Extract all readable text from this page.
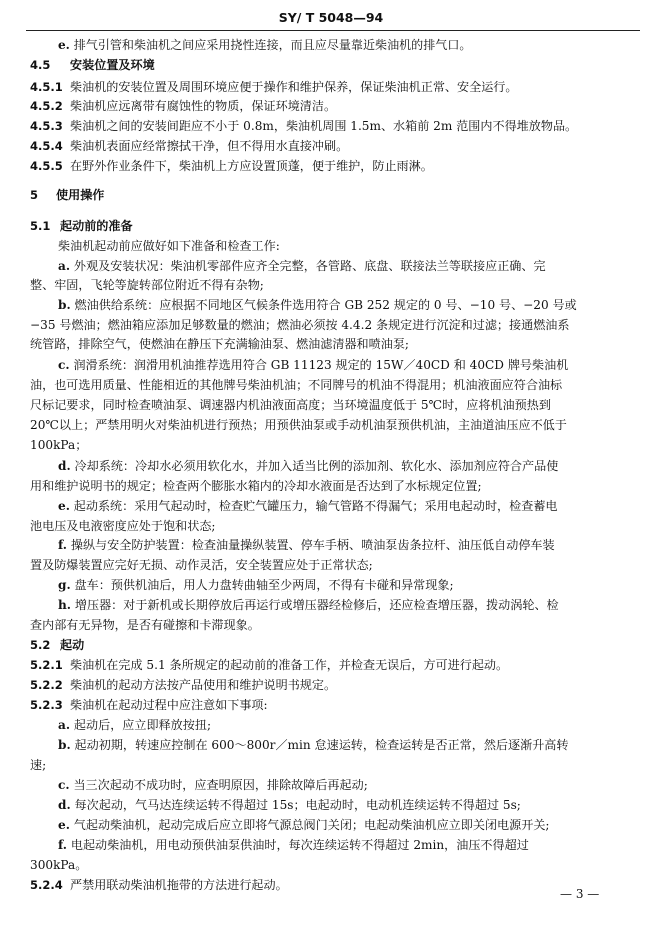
SY/ T 5048—94
e. 排气引管和柴油机之间应采用挠性连接，而且应尽量靠近柴油机的排气口。
4.5 安装位置及环境
4.5.1 柴油机的安装位置及周围环境应便于操作和维护保养，保证柴油机正常、安全运行。
4.5.2 柴油机应远离带有腐蚀性的物质，保证环境清洁。
4.5.3 柴油机之间的安装间距应不小于 0.8m，柴油机周围 1.5m、水箱前 2m 范围内不得堆放物品。
4.5.4 柴油机表面应经常擦拭干净，但不得用水直接冲刷。
4.5.5 在野外作业条件下，柴油机上方应设置顶蓬，便于维护，防止雨淋。
5 使用操作
5.1 起动前的准备
柴油机起动前应做好如下准备和检查工作:
a. 外观及安装状况：柴油机零部件应齐全完整，各管路、底盘、联接法兰等联接应正确、完
整、牢固，飞轮等旋转部位附近不得有杂物;
b. 燃油供给系统：应根据不同地区气候条件选用符合 GB 252 规定的 0 号、−10 号、−20 号或
−35 号燃油；燃油箱应添加足够数量的燃油；燃油必须按 4.4.2 条规定进行沉淀和过滤；接通燃油系
统管路，排除空气，使燃油在静压下充满输油泵、燃油滤清器和喷油泵;
c. 润滑系统：润滑用机油推荐选用符合 GB 11123 规定的 15W／40CD 和 40CD 牌号柴油机
油，也可选用质量、性能相近的其他牌号柴油机油；不同牌号的机油不得混用；机油液面应符合油标
尺标记要求，同时检查喷油泵、调速器内机油液面高度；当环境温度低于 5℃时，应将机油预热到
20℃以上；严禁用明火对柴油机进行预热；用预供油泵或手动机油泵预供机油，主油道油压应不低于
100kPa；
d. 冷却系统：冷却水必须用软化水，并加入适当比例的添加剂、软化水、添加剂应符合产品使
用和维护说明书的规定；检查两个膨胀水箱内的冷却水液面是否达到了水标规定位置;
e. 起动系统：采用气起动时，检查贮气罐压力，输气管路不得漏气；采用电起动时，检查蓄电
池电压及电液密度应处于饱和状态;
f. 操纵与安全防护装置：检查油量操纵装置、停车手柄、喷油泵齿条拉杆、油压低自动停车装
置及防爆装置应完好无损、动作灵活，安全装置应处于正常状态;
g. 盘车：预供机油后，用人力盘转曲轴至少两周，不得有卡碰和异常现象;
h. 增压器：对于新机或长期停放后再运行或增压器经检修后，还应检查增压器，拨动涡轮、检
查内部有无异物，是否有碰擦和卡滞现象。
5.2 起动
5.2.1 柴油机在完成 5.1 条所规定的起动前的准备工作，并检查无误后，方可进行起动。
5.2.2 柴油机的起动方法按产品使用和维护说明书规定。
5.2.3 柴油机在起动过程中应注意如下事项:
a. 起动后，应立即释放按扭;
b. 起动初期，转速应控制在 600～800r／min 怠速运转，检查运转是否正常，然后逐渐升高转
速;
c. 当三次起动不成功时，应查明原因，排除故障后再起动;
d. 每次起动，气马达连续运转不得超过 15s；电起动时，电动机连续运转不得超过 5s;
e. 气起动柴油机，起动完成后应立即将气源总阀门关闭；电起动柴油机应立即关闭电源开关;
f. 电起动柴油机，用电动预供油泵供油时，每次连续运转不得超过 2min，油压不得超过
300kPa。
5.2.4 严禁用联动柴油机拖带的方法进行起动。
— 3 —
